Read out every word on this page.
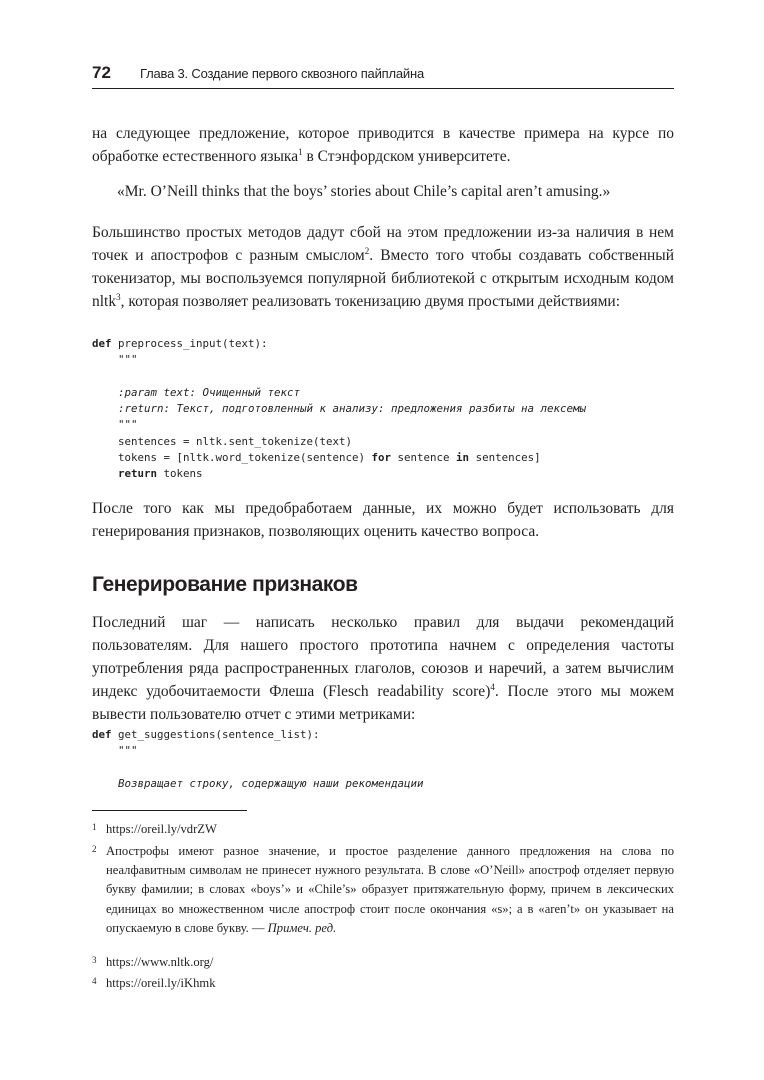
72 Глава 3. Создание первого сквозного пайплайна

на следующее предложение, которое приводится в качестве примера на курсе по обработке естественного языка$^1$ в Стэнфордском университете.

«Mr. O’Neill thinks that the boys’ stories about Chile’s capital aren’t amusing.»

Большинство простых методов дадут сбой на этом предложении из-за наличия в нем точек и апострофов с разным смыслом$^2$. Вместо того чтобы создавать собственный токенизатор, мы воспользуемся популярной библиотекой с открытым исходным кодом nltk$^3$, которая позволяет реализовать токенизацию двумя простыми действиями:

def preprocess_input(text):
"""

:param text: Очищенный текст
:return: Текст, подготовленный к анализу: предложения разбиты на лексемы
"""
sentences = nltk.sent_tokenize(text)
tokens = [nltk.word_tokenize(sentence) for sentence in sentences]
return tokens

После того как мы предобработаем данные, их можно будет использовать для генерирования признаков, позволяющих оценить качество вопроса.

Генерирование признаков

Последний шаг — написать несколько правил для выдачи рекомендаций пользователям. Для нашего простого прототипа начнем с определения частоты употребления ряда распространенных глаголов, союзов и наречий, а затем вычислим индекс удобочитаемости Флеша (Flesch readability score)$^4$. После этого мы можем вывести пользователю отчет с этими метриками:

def get_suggestions(sentence_list):
"""

Возвращает строку, содержащую наши рекомендации
1 https://oreil.ly/vdrZW
2 Апострофы имеют разное значение, и простое разделение данного предложения на слова по неалфавитным символам не принесет нужного результата. В слове «O’Neill» апостроф отделяет первую букву фамилии; в словах «boys’» и «Chile’s» образует притяжательную форму, причем в лексических единицах во множественном числе апостроф стоит после окончания «s»; а в «aren’t» он указывает на опускаемую в слове букву. — Примеч. ред.
3 https://www.nltk.org/
4 https://oreil.ly/iKhmk
